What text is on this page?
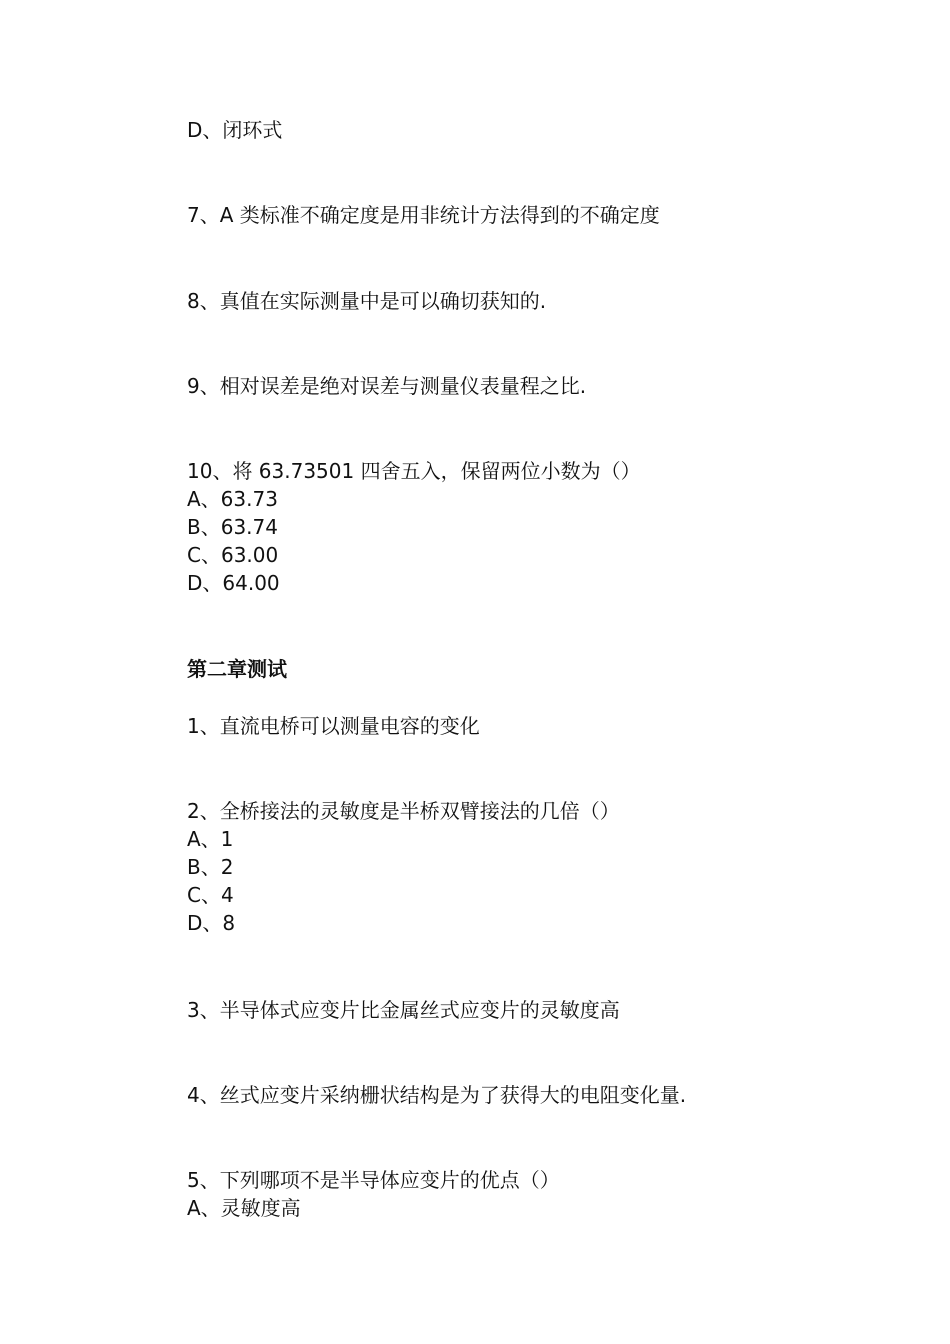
D、闭环式
7、A 类标准不确定度是用非统计方法得到的不确定度
8、真值在实际测量中是可以确切获知的.
9、相对误差是绝对误差与测量仪表量程之比.
10、将 63.73501 四舍五入，保留两位小数为（）
A、63.73
B、63.74
C、63.00
D、64.00
第二章测试
1、直流电桥可以测量电容的变化
2、全桥接法的灵敏度是半桥双臂接法的几倍（）
A、1
B、2
C、4
D、8
3、半导体式应变片比金属丝式应变片的灵敏度高
4、丝式应变片采纳栅状结构是为了获得大的电阻变化量.
5、下列哪项不是半导体应变片的优点（）
A、灵敏度高
